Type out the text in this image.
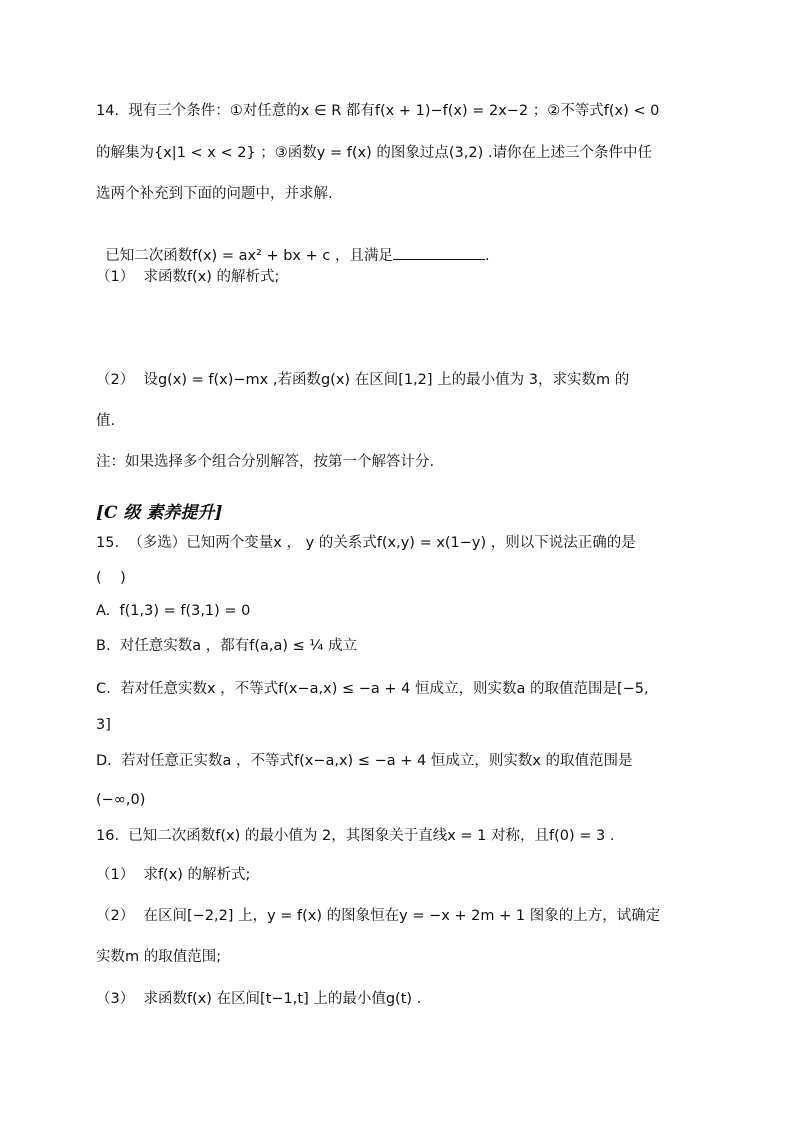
14.  现有三个条件：①对任意的x ∈ R 都有f(x + 1)−f(x) = 2x−2 ；②不等式f(x) < 0
的解集为{x|1 < x < 2} ；③函数y = f(x) 的图象过点(3,2) .请你在上述三个条件中任
选两个补充到下面的问题中，并求解.

已知二次函数f(x) = ax² + bx + c ，且满足	.

（1）  求函数f(x) 的解析式;
（2）  设g(x) = f(x)−mx ,若函数g(x) 在区间[1,2] 上的最小值为 3，求实数m 的
值.
注：如果选择多个组合分别解答，按第一个解答计分.
[C 级 素养提升]
15.  （多选）已知两个变量x ， y 的关系式f(x,y) = x(1−y) ，则以下说法正确的是
(    )
A.  f(1,3) = f(3,1) = 0
B.  对任意实数a ，都有f(a,a) ≤ ¼ 成立
C.  若对任意实数x ，不等式f(x−a,x) ≤ −a + 4 恒成立，则实数a 的取值范围是[−5,
3]
D.  若对任意正实数a ，不等式f(x−a,x) ≤ −a + 4 恒成立，则实数x 的取值范围是
(−∞,0)
16.  已知二次函数f(x) 的最小值为 2，其图象关于直线x = 1 对称，且f(0) = 3 .
（1）  求f(x) 的解析式;
（2）  在区间[−2,2] 上，y = f(x) 的图象恒在y = −x + 2m + 1 图象的上方，试确定
实数m 的取值范围;
（3）  求函数f(x) 在区间[t−1,t] 上的最小值g(t) .
